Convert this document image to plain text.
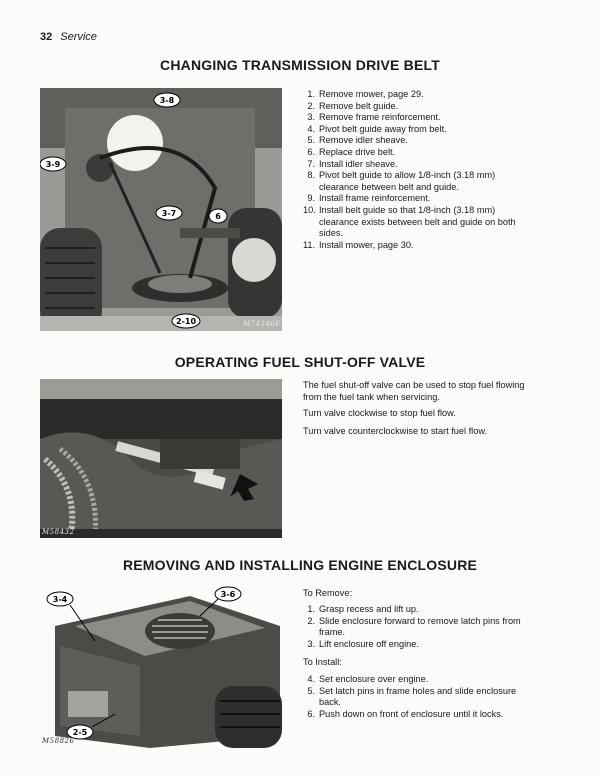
32 Service
CHANGING TRANSMISSION DRIVE BELT
3-8
3-9
3-7	6
2-10	M74146F
1. Remove mower, page 29.
2. Remove belt guide.
3. Remove frame reinforcement.
4. Pivot belt guide away from belt.
5. Remove idler sheave.
6. Replace drive belt.
7. Install idler sheave.
8. Pivot belt guide to allow 1/8-inch (3.18 mm) clearance between belt and guide.
9. Install frame reinforcement.
10. Install belt guide so that 1/8-inch (3.18 mm) clearance exists between belt and guide on both sides.
11. Install mower, page 30.
OPERATING FUEL SHUT-OFF VALVE
M58432
The fuel shut-off valve can be used to stop fuel flowing from the fuel tank when servicing.
Turn valve clockwise to stop fuel flow.
Turn valve counterclockwise to start fuel flow.
REMOVING AND INSTALLING ENGINE ENCLOSURE
3-4
3-6
2-5
M58826
To Remove:
1. Grasp recess and lift up.
2. Slide enclosure forward to remove latch pins from frame.
3. Lift enclosure off engine.
To Install:
4. Set enclosure over engine.
5. Set latch pins in frame holes and slide enclosure back.
6. Push down on front of enclosure until it locks.
